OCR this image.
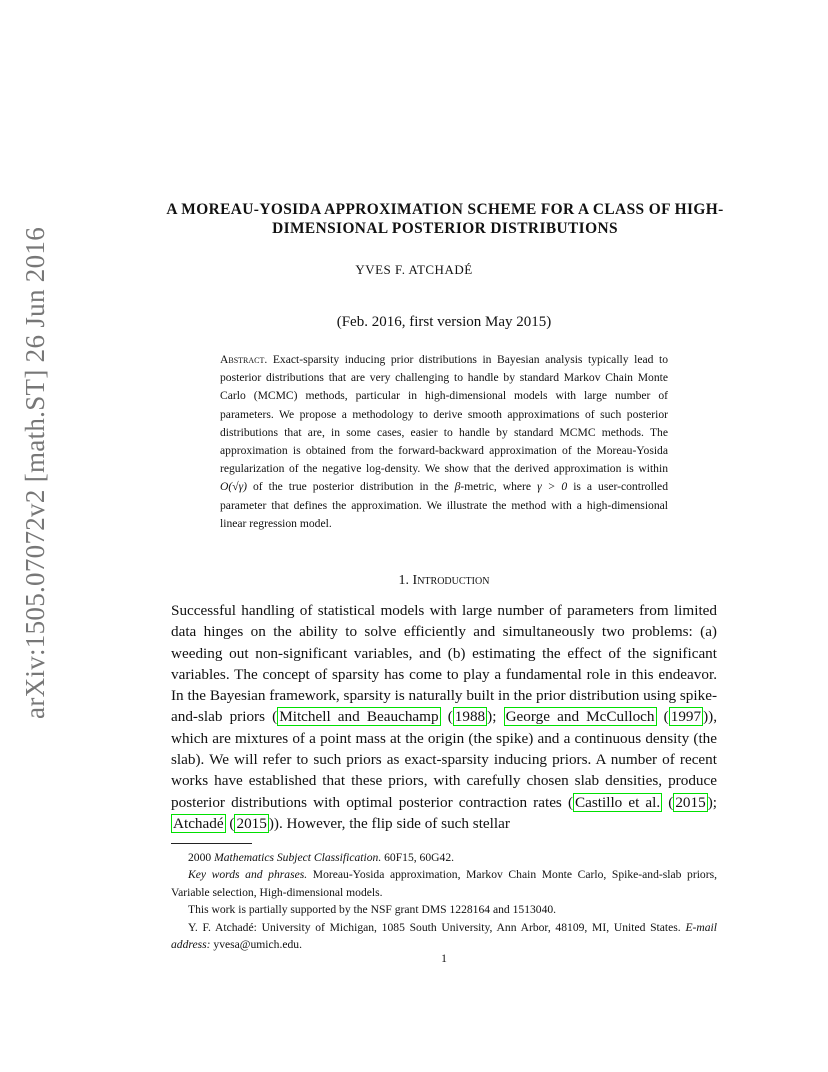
arXiv:1505.07072v2 [math.ST] 26 Jun 2016
A MOREAU-YOSIDA APPROXIMATION SCHEME FOR A CLASS OF HIGH-DIMENSIONAL POSTERIOR DISTRIBUTIONS
YVES F. ATCHADÉ
(Feb. 2016, first version May 2015)
Abstract. Exact-sparsity inducing prior distributions in Bayesian analysis typically lead to posterior distributions that are very challenging to handle by standard Markov Chain Monte Carlo (MCMC) methods, particular in high-dimensional models with large number of parameters. We propose a methodology to derive smooth approximations of such posterior distributions that are, in some cases, easier to handle by standard MCMC methods. The approximation is obtained from the forward-backward approximation of the Moreau-Yosida regularization of the negative log-density. We show that the derived approximation is within O(√γ) of the true posterior distribution in the β-metric, where γ > 0 is a user-controlled parameter that defines the approximation. We illustrate the method with a high-dimensional linear regression model.
1. Introduction
Successful handling of statistical models with large number of parameters from limited data hinges on the ability to solve efficiently and simultaneously two problems: (a) weeding out non-significant variables, and (b) estimating the effect of the significant variables. The concept of sparsity has come to play a fundamental role in this endeavor. In the Bayesian framework, sparsity is naturally built in the prior distribution using spike-and-slab priors ( Mitchell and Beauchamp ( 1988 ); George and McCulloch ( 1997 )), which are mixtures of a point mass at the origin (the spike) and a continuous density (the slab). We will refer to such priors as exact-sparsity inducing priors. A number of recent works have established that these priors, with carefully chosen slab densities, produce posterior distributions with optimal posterior contraction rates ( Castillo et al. ( 2015 ); Atchadé ( 2015 )). However, the flip side of such stellar

2000 Mathematics Subject Classification. 60F15, 60G42.

Key words and phrases. Moreau-Yosida approximation, Markov Chain Monte Carlo, Spike-and-slab priors, Variable selection, High-dimensional models.

This work is partially supported by the NSF grant DMS 1228164 and 1513040.

Y. F. Atchadé: University of Michigan, 1085 South University, Ann Arbor, 48109, MI, United States. E-mail address: yvesa@umich.edu.

1
